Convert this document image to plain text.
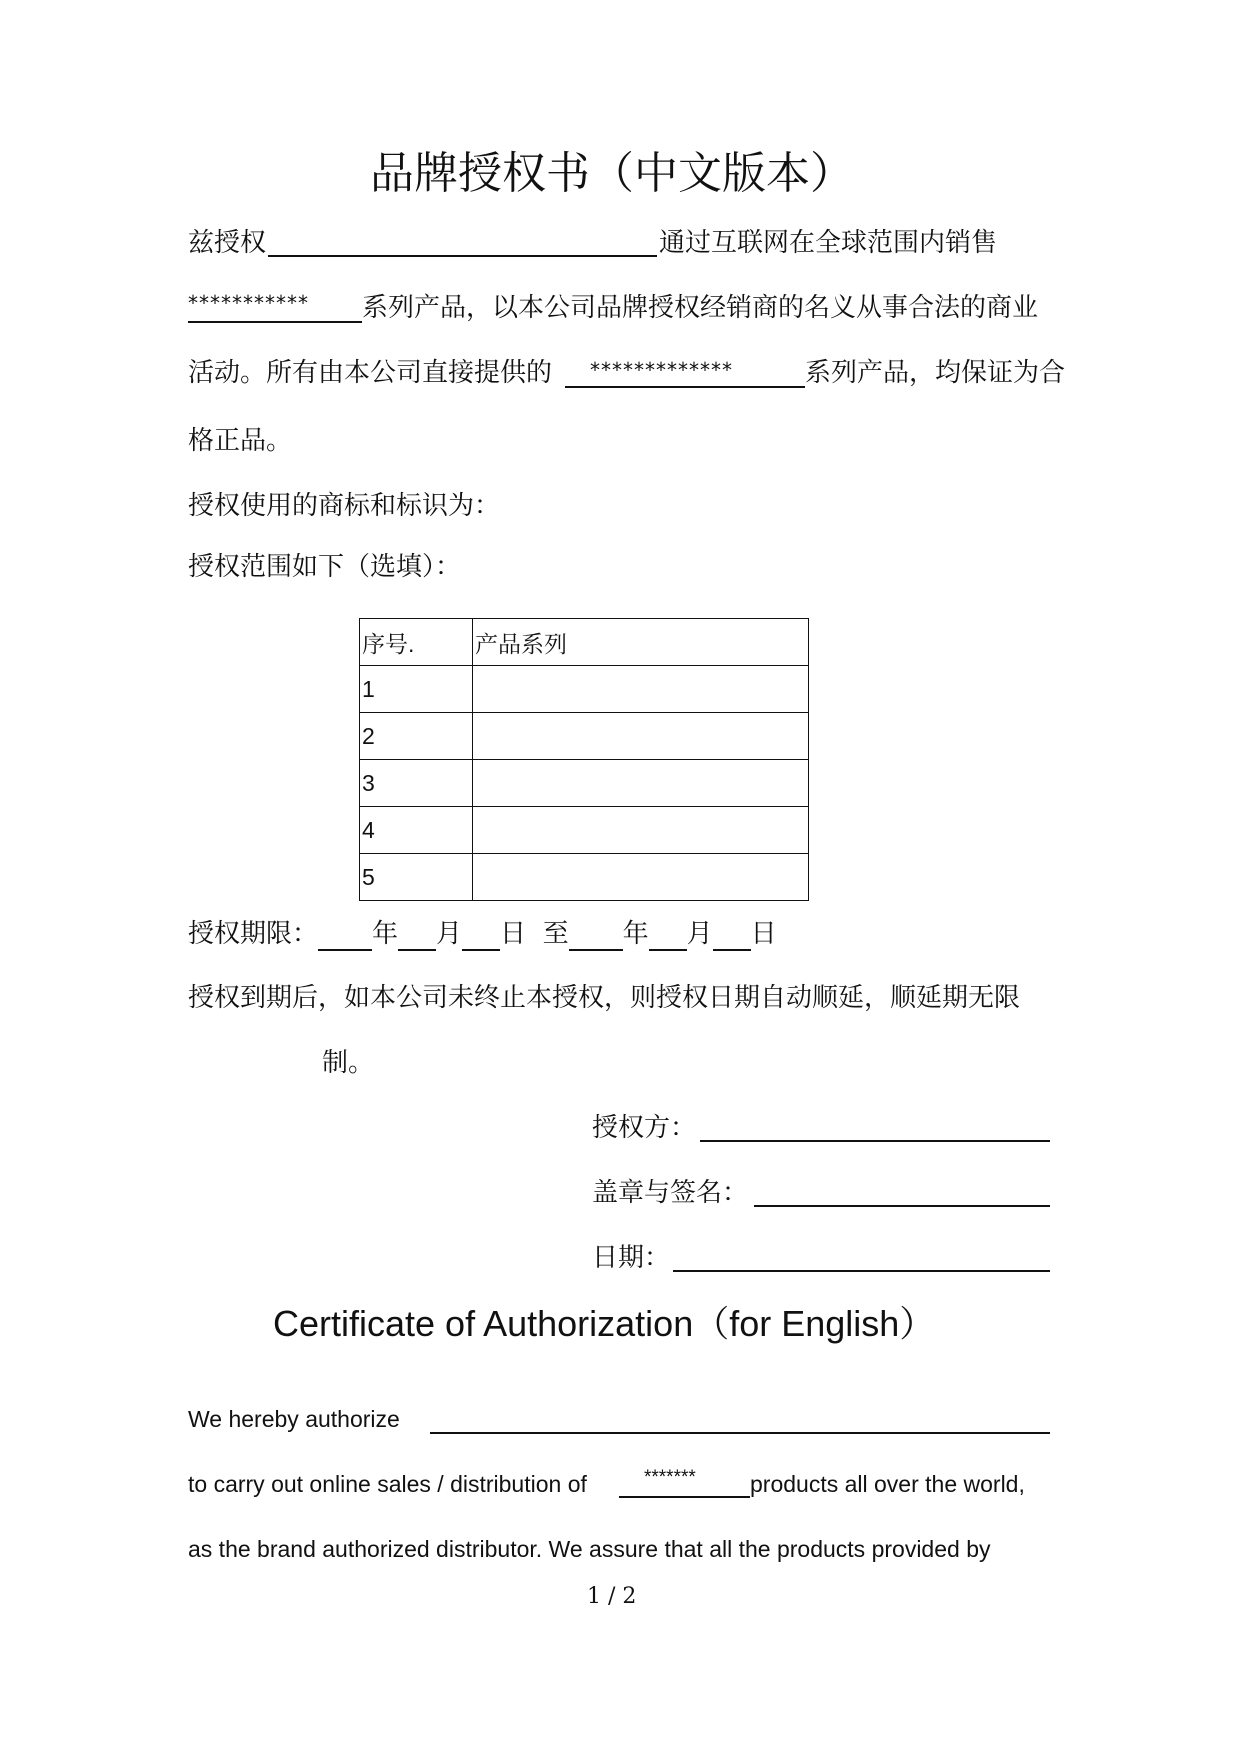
品牌授权书（中文版本）
兹授权	通过互联网在全球范围内销售
*********** 系列产品，以本公司品牌授权经销商的名义从事合法的商业
活动。所有由本公司直接提供的 *************	系列产品，均保证为合
格正品。
授权使用的商标和标识为：
授权范围如下（选填）：
序号.	产品系列
1	
2	
3	
4	
5	
授权期限： 年 月 日 至 年 月 日
授权到期后，如本公司未终止本授权，则授权日期自动顺延，顺延期无限
制。
授权方：
盖章与签名：
日期：
Certificate of Authorization（for English）
We hereby authorize
to carry out online sales / distribution of	******* products all over the world,
as the brand authorized distributor. We assure that all the products provided by
1 / 2
